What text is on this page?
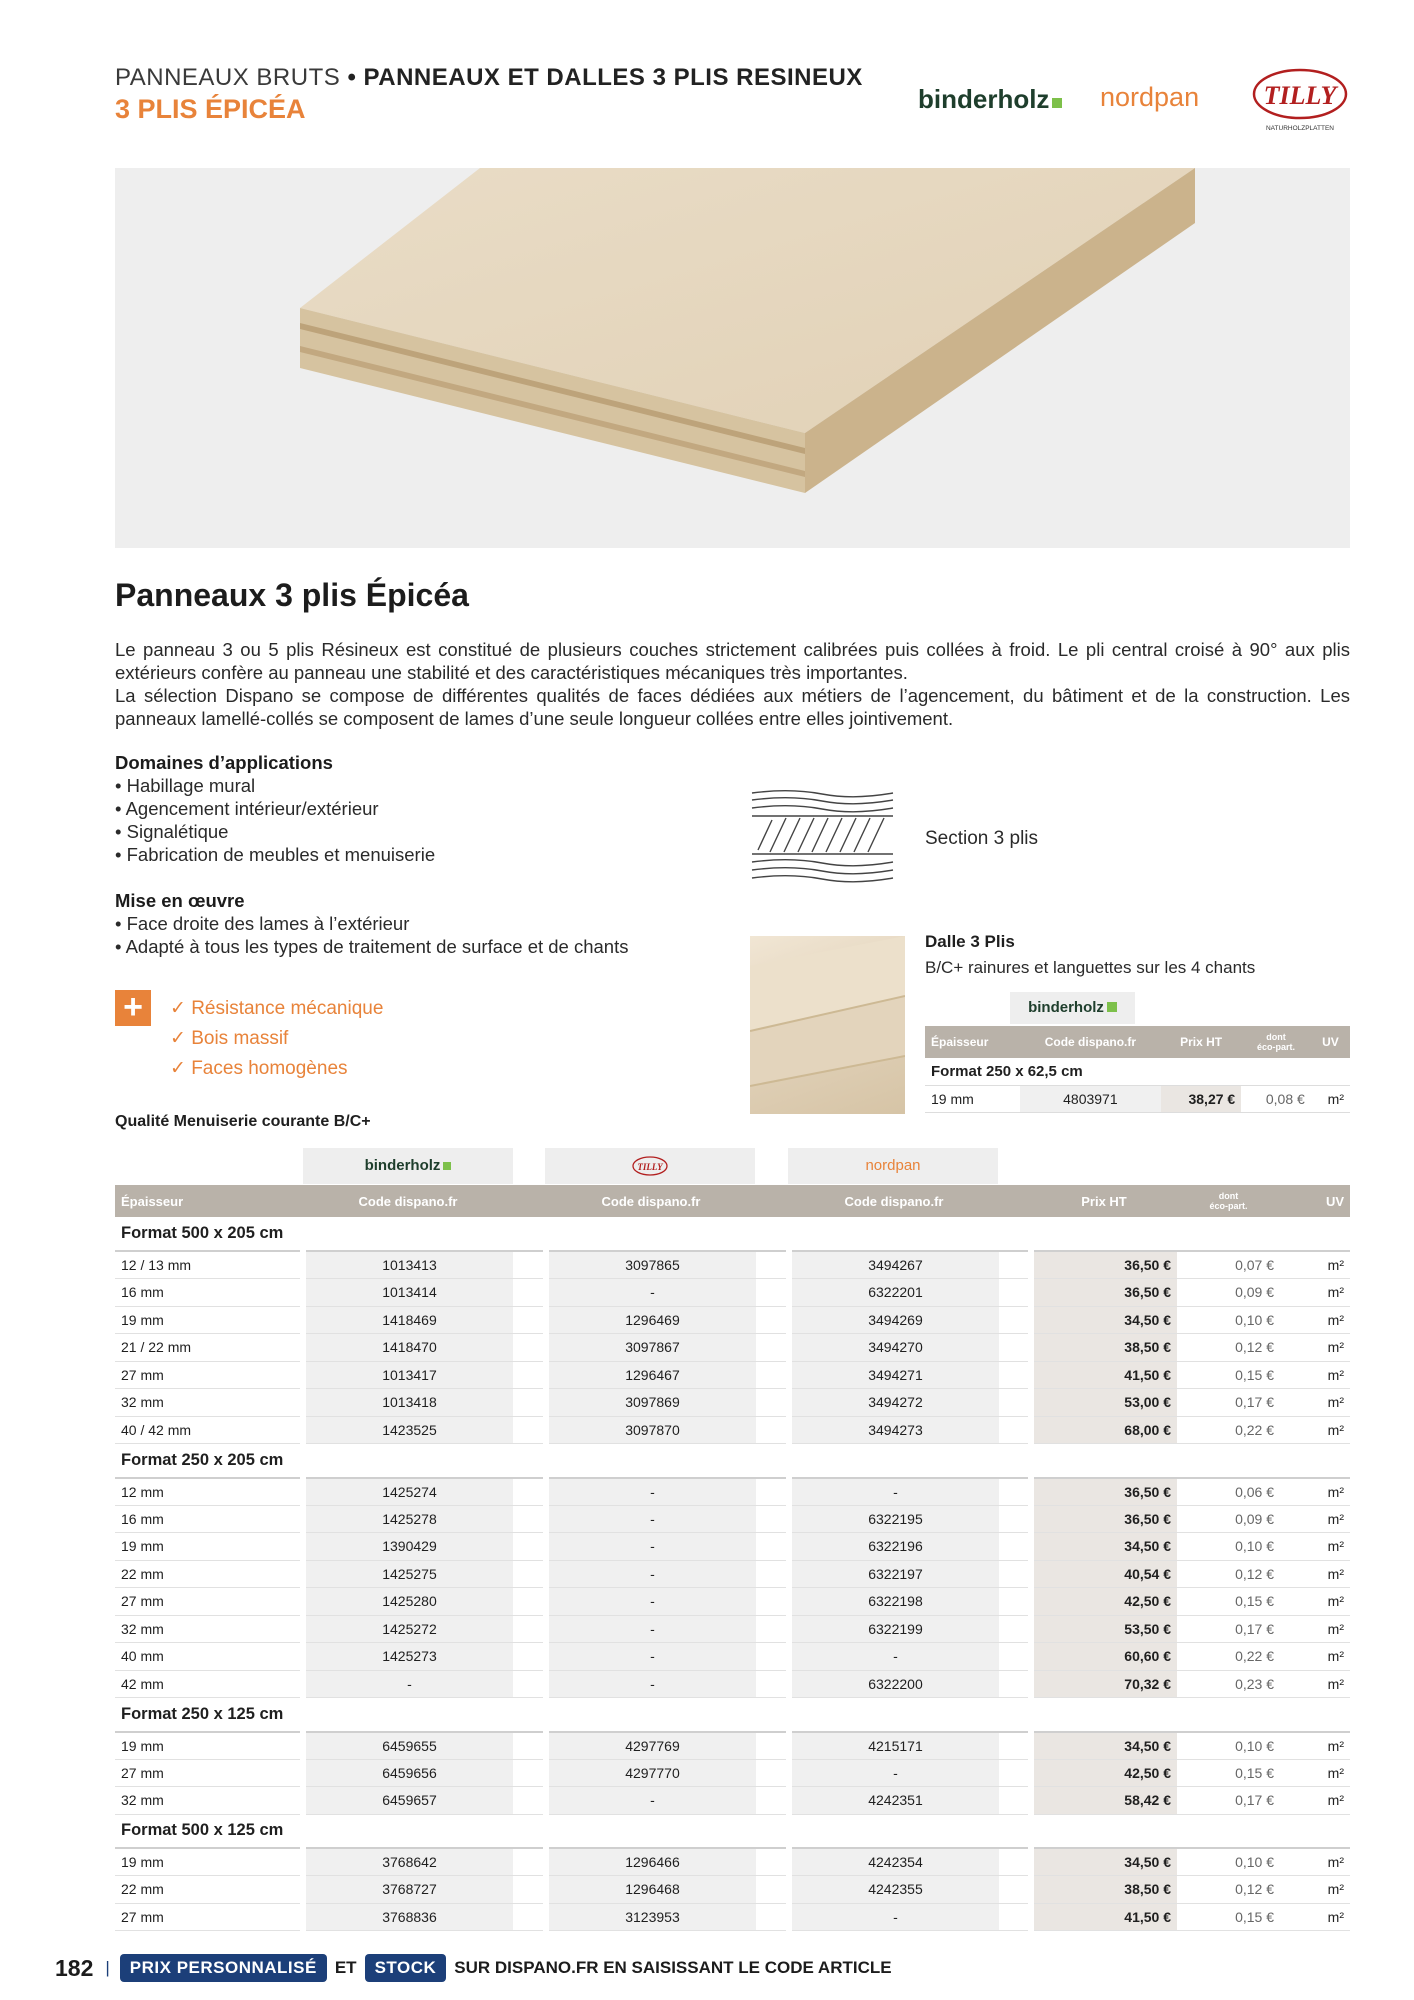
PANNEAUX BRUTS • PANNEAUX ET DALLES 3 PLIS RESINEUX
3 PLIS ÉPICÉA	binderholz	nordpan TILLY
NATURHOLZPLATTEN
Panneaux 3 plis Épicéa

Le panneau 3 ou 5 plis Résineux est constitué de plusieurs couches strictement calibrées puis collées à froid. Le pli central croisé à 90° aux plis extérieurs confère au panneau une stabilité et des caractéristiques mécaniques très importantes.

La sélection Dispano se compose de différentes qualités de faces dédiées aux métiers de l’agencement, du bâtiment et de la construction. Les panneaux lamellé-collés se composent de lames d’une seule longueur collées entre elles jointivement.

Domaines d’applications
• Habillage mural
• Agencement intérieur/extérieur
• Signalétique
• Fabrication de meubles et menuiserie
Mise en œuvre
• Face droite des lames à l’extérieur
• Adapté à tous les types de traitement de surface et de chants
Section 3 plis
+	✓ Résistance mécanique
✓ Bois massif
✓ Faces homogènes
Dalle 3 Plis
B/C+ rainures et languettes sur les 4 chants
binderholz
Épaisseur	Code dispano.fr	Prix HT	dont
éco-part.	UV
Format 250 x 62,5 cm				
19 mm	4803971	38,27 €	0,08 €	m²
Qualité Menuiserie courante B/C+
binderholz	TILLY	nordpan
Épaisseur	Code dispano.fr		Code dispano.fr		Code dispano.fr		Prix HT	dont
éco-part.	UV
Format 500 x 205 cm									
12 / 13 mm	1013413		3097865		3494267		36,50 €	0,07 €	m²
16 mm	1013414		-		6322201		36,50 €	0,09 €	m²
19 mm	1418469		1296469		3494269		34,50 €	0,10 €	m²
21 / 22 mm	1418470		3097867		3494270		38,50 €	0,12 €	m²
27 mm	1013417		1296467		3494271		41,50 €	0,15 €	m²
32 mm	1013418		3097869		3494272		53,00 €	0,17 €	m²
40 / 42 mm	1423525		3097870		3494273		68,00 €	0,22 €	m²
Format 250 x 205 cm									
12 mm	1425274		-		-		36,50 €	0,06 €	m²
16 mm	1425278		-		6322195		36,50 €	0,09 €	m²
19 mm	1390429		-		6322196		34,50 €	0,10 €	m²
22 mm	1425275		-		6322197		40,54 €	0,12 €	m²
27 mm	1425280		-		6322198		42,50 €	0,15 €	m²
32 mm	1425272		-		6322199		53,50 €	0,17 €	m²
40 mm	1425273		-		-		60,60 €	0,22 €	m²
42 mm	-		-		6322200		70,32 €	0,23 €	m²
Format 250 x 125 cm									
19 mm	6459655		4297769		4215171		34,50 €	0,10 €	m²
27 mm	6459656		4297770		-		42,50 €	0,15 €	m²
32 mm	6459657		-		4242351		58,42 €	0,17 €	m²
Format 500 x 125 cm									
19 mm	3768642		1296466		4242354		34,50 €	0,10 €	m²
22 mm	3768727		1296468		4242355		38,50 €	0,12 €	m²
27 mm	3768836		3123953		-		41,50 €	0,15 €	m²
182 |	PRIX PERSONNALISÉ	ET	STOCK	SUR DISPANO.FR EN SAISISSANT LE CODE ARTICLE
